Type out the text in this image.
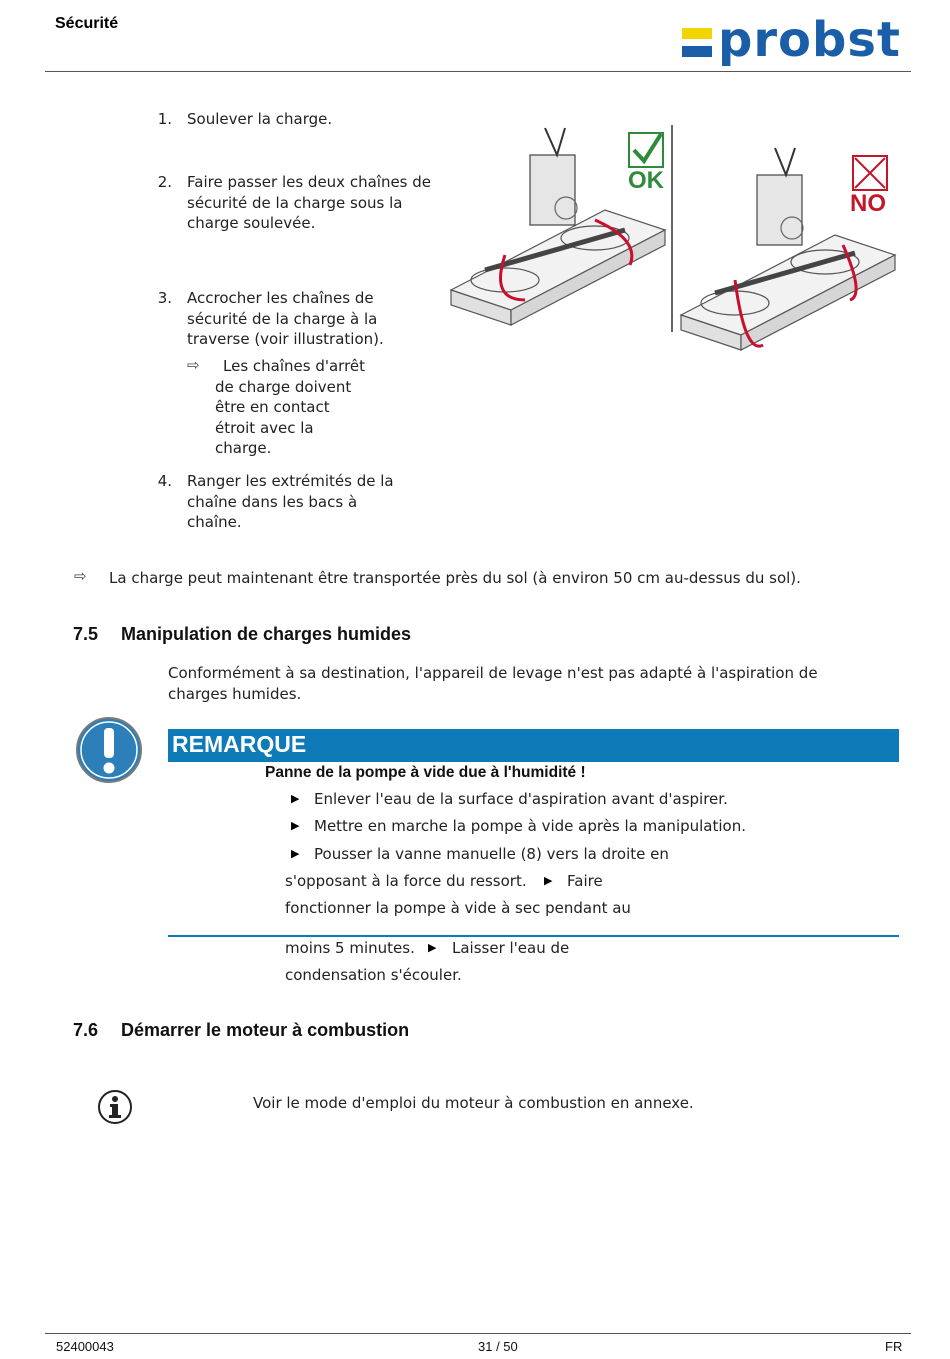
Sécurité	probst
1. Soulever la charge.
2. Faire passer les deux chaînes de
sécurité de la charge sous la
charge soulevée.
3. Accrocher les chaînes de
sécurité de la charge à la
traverse (voir illustration).
⇨ Les chaînes d'arrêt
de charge doivent
être en contact
étroit avec la
charge.
4. Ranger les extrémités de la
chaîne dans les bacs à
chaîne.
OK
NO
⇨ La charge peut maintenant être transportée près du sol (à environ 50 cm au-dessus du sol).
7.5 Manipulation de charges humides
Conformément à sa destination, l'appareil de levage n'est pas adapté à l'aspiration de
charges humides.
REMARQUE
Panne de la pompe à vide due à l'humidité !
▶ Enlever l'eau de la surface d'aspiration avant d'aspirer.
▶ Mettre en marche la pompe à vide après la manipulation.
▶ Pousser la vanne manuelle (8) vers la droite en
s'opposant à la force du ressort. ▶ Faire
fonctionner la pompe à vide à sec pendant au
moins 5 minutes. ▶ Laisser l'eau de
condensation s'écouler.
7.6 Démarrer le moteur à combustion
Voir le mode d'emploi du moteur à combustion en annexe.
52400043	31 / 50	FR
